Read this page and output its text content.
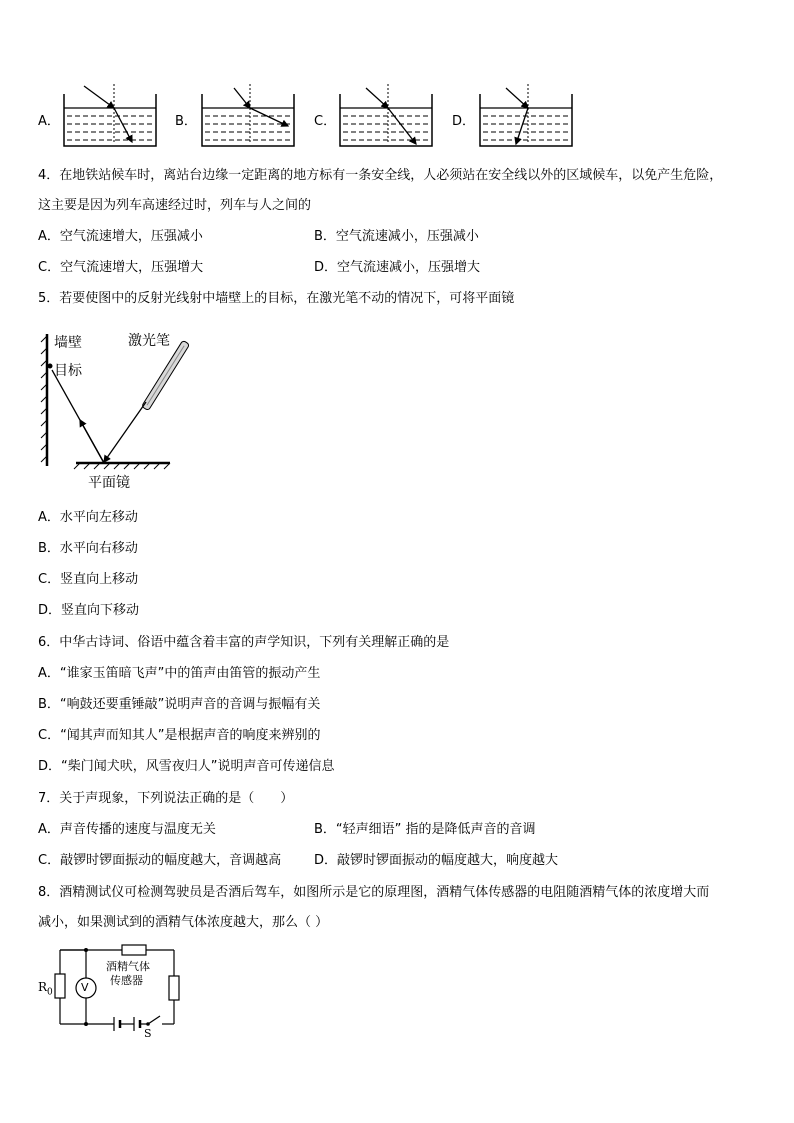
A．	B．	C．	D．
4．在地铁站候车时，离站台边缘一定距离的地方标有一条安全线，人必须站在安全线以外的区域候车，以免产生危险，
这主要是因为列车高速经过时，列车与人之间的
A．空气流速增大，压强减小	B．空气流速减小，压强减小
C．空气流速增大，压强增大	D．空气流速减小，压强增大
5．若要使图中的反射光线射中墙壁上的目标，在激光笔不动的情况下，可将平面镜
墙壁
目标
激光笔
平面镜
A．水平向左移动
B．水平向右移动
C．竖直向上移动
D．竖直向下移动
6．中华古诗词、俗语中蕴含着丰富的声学知识，下列有关理解正确的是
A．“谁家玉笛暗飞声”中的笛声由笛管的振动产生
B．“响鼓还要重锤敲”说明声音的音调与振幅有关
C．“闻其声而知其人”是根据声音的响度来辨别的
D．“柴门闻犬吠，风雪夜归人”说明声音可传递信息
7．关于声现象，下列说法正确的是（　　）
A．声音传播的速度与温度无关	B．“轻声细语” 指的是降低声音的音调
C．敲锣时锣面振动的幅度越大，音调越高	D．敲锣时锣面振动的幅度越大，响度越大
8．酒精测试仪可检测驾驶员是否酒后驾车，如图所示是它的原理图，酒精气体传感器的电阻随酒精气体的浓度增大而
减小，如果测试到的酒精气体浓度越大，那么（ ）
$R_0$	V
酒精气体
传感器
S
